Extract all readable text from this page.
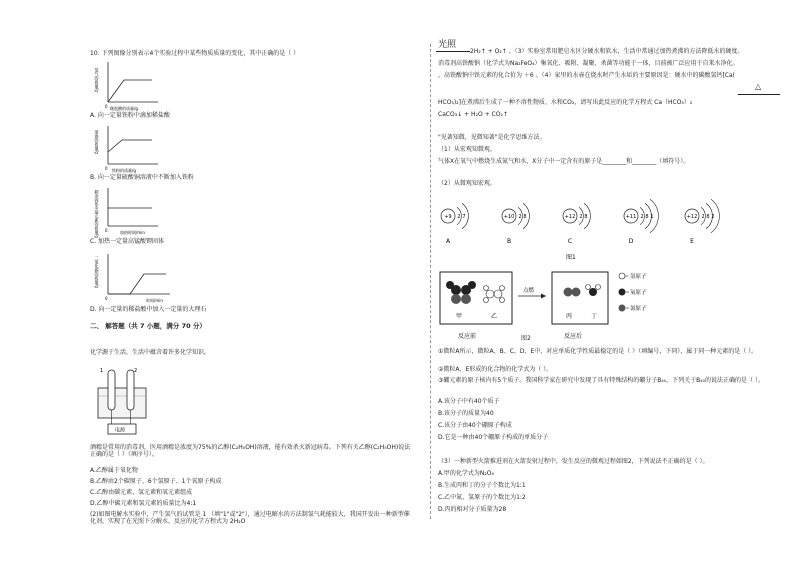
10. 下列图像分别表示4个实验过程中某些物质质量的变化，其中正确的是（ ）
0 稀盐酸的质量/g
氢气的质量/g
A. 向一定量铁粉中滴加稀盐酸
0 铁粉的质量/g
溶液的质量/g
B. 向一定量硫酸铜溶液中不断加入铁粉
0	加热时间/min
剩余固体中锰元素的质量/g
C. 加热一定量高锰酸钾固体
0	时间/min
二氧化碳的质量/g
D. 向一定量的稀盐酸中加入一定量的大理石
二、 解答题（共 7 小题，满分 70 分）
化学源于生活，生活中蕴含着许多化学知识。
1	2
电源
酒精是常用的消毒剂，医用酒精是浓度为75%的乙醇(C₂H₅OH)溶液，能有效杀灭新冠病毒。下列有关乙醇(C₂H₅OH)说法正确的是（ ）（填序号）。
A.乙醇属于氧化物
B.乙醇由2个碳原子、6个氢原子、1个氧原子构成
C.乙醇由碳元素、氢元素和氧元素组成
D.乙醇中碳元素和氢元素的质量比为4:1
(2)如图电解水实验中，产生氢气的试管是 1 （填"1"或"2"），通过电解水的方法制氢气耗能较大，我国开发出一种新型催化剂，实现了在光照下分解水，反应的化学方程式为 2H₂O
光照
2H₂↑ + O₂↑ 。（3）实验室常用肥皂水区分硬水和软水，生活中常通过加热煮沸的方法降低水的硬度。
消毒剂高铁酸钠（化学式为Na₂FeO₄）集氧化、吸附、凝聚、杀菌等功能于一体，目前被广泛应用于自来水净化。
，高铁酸钠中铁元素的化合价为 ＋6 。（4）家里的水壶在烧水时产生水垢的主要原因是：硬水中的碳酸氢钙[Ca(
△
HCO₃)₂]在煮沸后生成了一种不溶性物质、水和CO₂，请写出此反应的化学方程式 Ca（HCO₃）₂
CaCO₃↓ + H₂O + CO₂↑
"见著知微，见微知著"是化学思维方法。
（1）从宏观知微观。
气体X在氧气中燃烧生成氮气和水，X分子中一定含有的原子是________和________（填符号）。
（2）从微观知宏观。
+9 2 7
A
+10 2 8
B
+12 2 8
C
+11 2 8 1
D
+12 2 8 2
E
图1
甲	乙
点燃
丙	丁
反应前	反应后
氢原子
氧原子
氮原子
图2
①微粒A所示，微粒A、B、C、D、E中，对应单质化学性质最稳定的是（ ）（填编号，下同），属于同一种元素的是（ ）。
②微粒A、E形成的化合物的化学式为（ ）。
③硼元素的原子核内有5个质子。我国科学家在研究中发现了具有特殊结构的硼分子B₄₀，下列关于B₄₀的说法正确的是（ ）。
A.该分子中有40个质子
B.该分子的质量为40
C.该分子由40个硼原子构成
D.它是一种由40个硼原子构成的单质分子
（3）一种新型火箭推进剂在火箭发射过程中，发生反应的微观过程如图2，下列说法不正确的是（ ）。
A.甲的化学式为N₂O₄
B.生成丙和丁的分子个数比为1:1
C.乙中氮、氢原子的个数比为1:2
D.丙的相对分子质量为28
